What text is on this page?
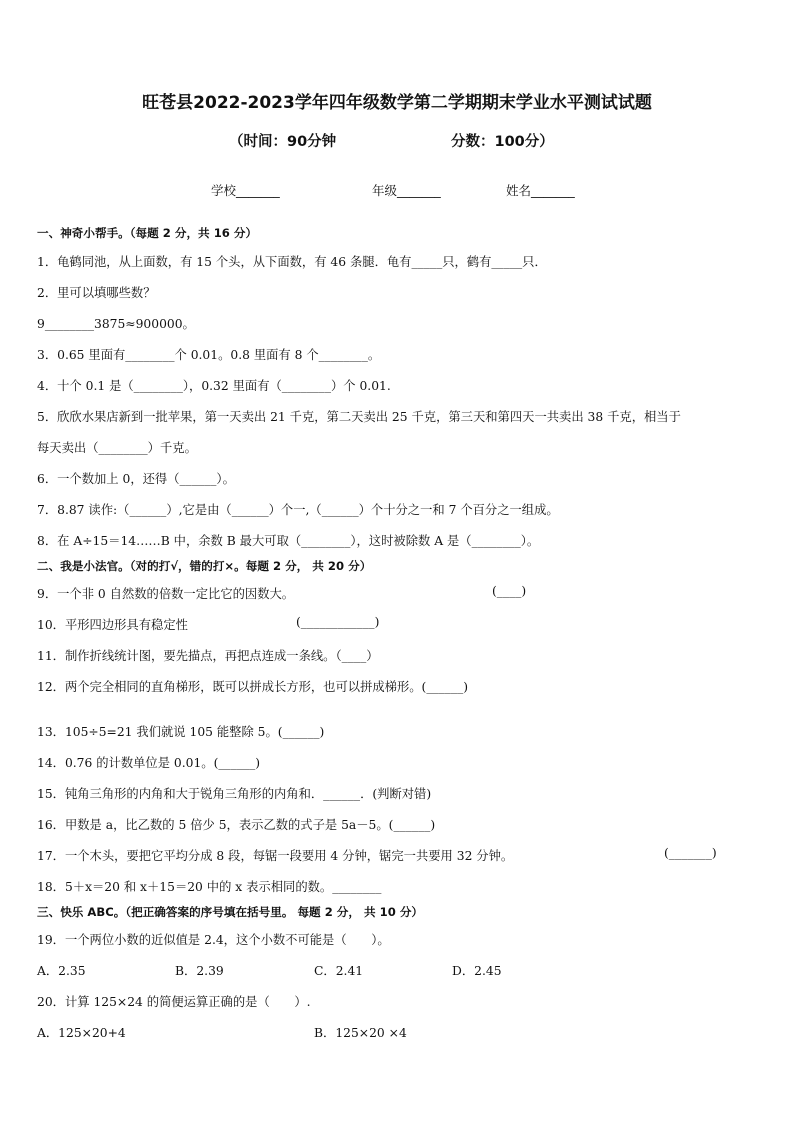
旺苍县2022-2023学年四年级数学第二学期期末学业水平测试试题
（时间：90分钟	分数：100分）
学校_______	年级_______	姓名_______
一、神奇小帮手。（每题 2 分，共 16 分）
1．龟鹤同池，从上面数，有 15 个头，从下面数，有 46 条腿．龟有_____只，鹤有_____只．
2．里可以填哪些数？
9________3875≈900000。
3．0.65 里面有________个 0.01。0.8 里面有 8 个________。
4．十个 0.1 是（________），0.32 里面有（________）个 0.01.
5．欣欣水果店新到一批苹果，第一天卖出 21 千克，第二天卖出 25 千克，第三天和第四天一共卖出 38 千克，相当于
每天卖出（________）千克。
6．一个数加上 0，还得（______）。
7．8.87 读作:（______）,它是由（______）个一,（______）个十分之一和 7 个百分之一组成。
8．在 A÷15＝14……B 中，余数 B 最大可取（________），这时被除数 A 是（________）。
二、我是小法官。（对的打√，错的打×。每题 2 分， 共 20 分）
9．一个非 0 自然数的倍数一定比它的因数大。	(____)
10．平形四边形具有稳定性	(____________)
11．制作折线统计图，要先描点，再把点连成一条线。（____）
12．两个完全相同的直角梯形，既可以拼成长方形，也可以拼成梯形。(______)
13．105÷5=21 我们就说 105 能整除 5。(______)
14．0.76 的计数单位是 0.01。(______)
15．钝角三角形的内角和大于锐角三角形的内角和．______．(判断对错)
16．甲数是 a，比乙数的 5 倍少 5，表示乙数的式子是 5a－5。(______)
17．一个木头，要把它平均分成 8 段，每锯一段要用 4 分钟，锯完一共要用 32 分钟。	(_______)
18．5＋x＝20 和 x＋15＝20 中的 x 表示相同的数。________
三、快乐 ABC。（把正确答案的序号填在括号里。 每题 2 分， 共 10 分）
19．一个两位小数的近似值是 2.4，这个小数不可能是（　　）。
A．2.35	B．2.39	C．2.41	D．2.45
20．计算 125×24 的简便运算正确的是（　　）.
A．125×20+4	B．125×20 ×4
